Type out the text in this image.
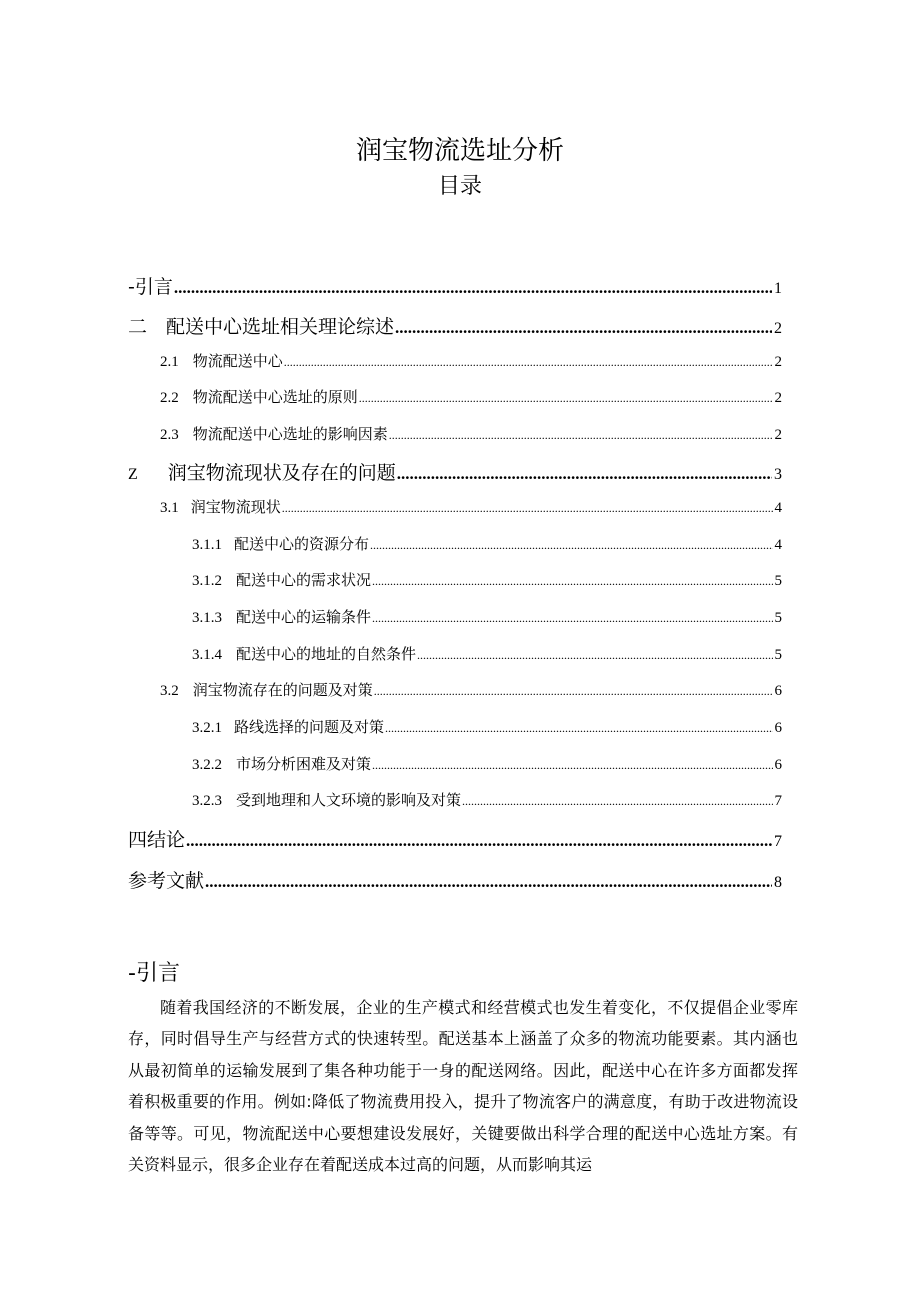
润宝物流选址分析
目录
-引言 .....	1
二　配送中心选址相关理论综述 .....	2
2.1 物流配送中心 .....	2
2.2 物流配送中心选址的原则 .....	2
2.3 物流配送中心选址的影响因素 .....	2
Z 润宝物流现状及存在的问题 .....	3
3.1 润宝物流现状 .....	4
3.1.1 配送中心的资源分布 .....	4
3.1.2 配送中心的需求状况 .....	5
3.1.3 配送中心的运输条件 .....	5
3.1.4 配送中心的地址的自然条件 .....	5
3.2 润宝物流存在的问题及对策 .....	6
3.2.1 路线选择的问题及对策 .....	6
3.2.2 市场分析困难及对策 .....	6
3.2.3 受到地理和人文环境的影响及对策 .....	7
四结论 .....	7
参考文献 .....	8
-引言

随着我国经济的不断发展，企业的生产模式和经营模式也发生着变化，不仅提倡企业零库存，同时倡导生产与经营方式的快速转型。配送基本上涵盖了众多的物流功能要素。其内涵也从最初简单的运输发展到了集各种功能于一身的配送网络。因此，配送中心在许多方面都发挥着积极重要的作用。例如:降低了物流费用投入，提升了物流客户的满意度，有助于改进物流设备等等。可见，物流配送中心要想建设发展好，关键要做出科学合理的配送中心选址方案。有关资料显示，很多企业存在着配送成本过高的问题，从而影响其运
